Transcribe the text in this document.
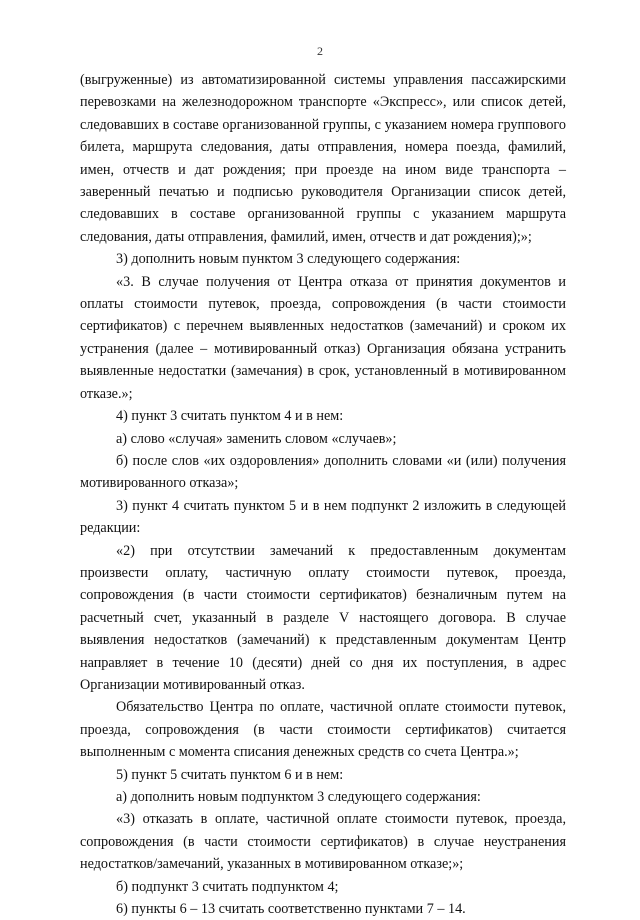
2

(выгруженные) из автоматизированной системы управления пассажирскими перевозками на железнодорожном транспорте «Экспресс», или список детей, следовавших в составе организованной группы, с указанием номера группового билета, маршрута следования, даты отправления, номера поезда, фамилий, имен, отчеств и дат рождения; при проезде на ином виде транспорта – заверенный печатью и подписью руководителя Организации список детей, следовавших в составе организованной группы с указанием маршрута следования, даты отправления, фамилий, имен, отчеств и дат рождения);»;

3) дополнить новым пунктом 3 следующего содержания:

«3. В случае получения от Центра отказа от принятия документов и оплаты стоимости путевок, проезда, сопровождения (в части стоимости сертификатов) с перечнем выявленных недостатков (замечаний) и сроком их устранения (далее – мотивированный отказ) Организация обязана устранить выявленные недостатки (замечания) в срок, установленный в мотивированном отказе.»;

4) пункт 3 считать пунктом 4 и в нем:

а) слово «случая» заменить словом «случаев»;

б) после слов «их оздоровления» дополнить словами «и (или) получения мотивированного отказа»;

3) пункт 4 считать пунктом 5 и в нем подпункт 2 изложить в следующей редакции:

«2) при отсутствии замечаний к предоставленным документам произвести оплату, частичную оплату стоимости путевок, проезда, сопровождения (в части стоимости сертификатов) безналичным путем на расчетный счет, указанный в разделе V настоящего договора. В случае выявления недостатков (замечаний) к представленным документам Центр направляет в течение 10 (десяти) дней со дня их поступления, в адрес Организации мотивированный отказ.

Обязательство Центра по оплате, частичной оплате стоимости путевок, проезда, сопровождения (в части стоимости сертификатов) считается выполненным с момента списания денежных средств со счета Центра.»;

5) пункт 5 считать пунктом 6 и в нем:

а) дополнить новым подпунктом 3 следующего содержания:

«3) отказать в оплате, частичной оплате стоимости путевок, проезда, сопровождения (в части стоимости сертификатов) в случае неустранения недостатков/замечаний, указанных в мотивированном отказе;»;

б) подпункт 3 считать подпунктом 4;

6) пункты 6 – 13 считать соответственно пунктами 7 – 14.
